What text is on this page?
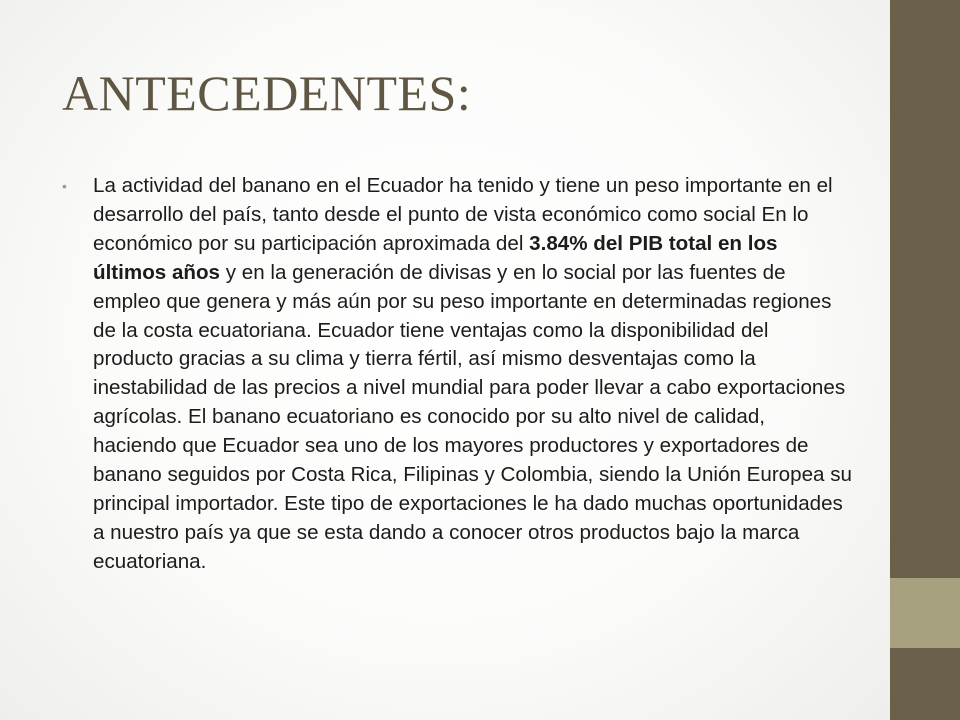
ANTECEDENTES:
•	La actividad del banano en el Ecuador ha tenido y tiene un peso importante en el desarrollo del país, tanto desde el punto de vista económico como social En lo económico por su participación aproximada del 3.84% del PIB total en los últimos años y en la generación de divisas y en lo social por las fuentes de empleo que genera y más aún por su peso importante en determinadas regiones de la costa ecuatoriana. Ecuador tiene ventajas como la disponibilidad del producto gracias a su clima y tierra fértil, así mismo desventajas como la inestabilidad de las precios a nivel mundial para poder llevar a cabo exportaciones agrícolas. El banano ecuatoriano es conocido por su alto nivel de calidad, haciendo que Ecuador sea uno de los mayores productores y exportadores de banano seguidos por Costa Rica, Filipinas y Colombia, siendo la Unión Europea su principal importador. Este tipo de exportaciones le ha dado muchas oportunidades a nuestro país ya que se esta dando a conocer otros productos bajo la marca ecuatoriana.
